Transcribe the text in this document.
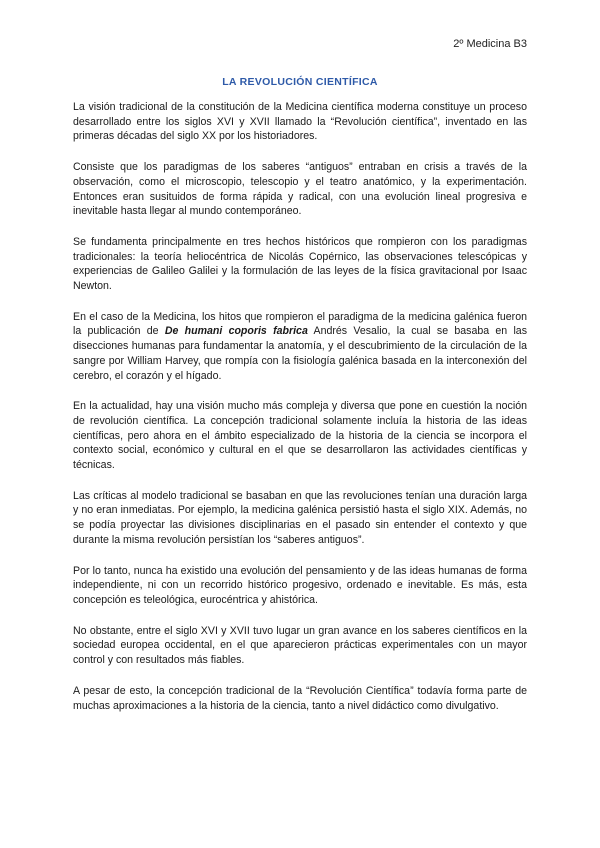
2º Medicina B3
LA REVOLUCIÓN CIENTÍFICA

La visión tradicional de la constitución de la Medicina científica moderna constituye un proceso desarrollado entre los siglos XVI y XVII llamado la “Revolución científica”, inventado en las primeras décadas del siglo XX por los historiadores.

Consiste que los paradigmas de los saberes “antiguos” entraban en crisis a través de la observación, como el microscopio, telescopio y el teatro anatómico, y la experimentación. Entonces eran susituidos de forma rápida y radical, con una evolución lineal progresiva e inevitable hasta llegar al mundo contemporáneo.

Se fundamenta principalmente en tres hechos históricos que rompieron con los paradigmas tradicionales: la teoría heliocéntrica de Nicolás Copérnico, las observaciones telescópicas y experiencias de Galileo Galilei y la formulación de las leyes de la física gravitacional por Isaac Newton.

En el caso de la Medicina, los hitos que rompieron el paradigma de la medicina galénica fueron la publicación de De humani coporis fabrica Andrés Vesalio, la cual se basaba en las disecciones humanas para fundamentar la anatomía, y el descubrimiento de la circulación de la sangre por William Harvey, que rompía con la fisiología galénica basada en la interconexión del cerebro, el corazón y el hígado.

En la actualidad, hay una visión mucho más compleja y diversa que pone en cuestión la noción de revolución científica. La concepción tradicional solamente incluía la historia de las ideas científicas, pero ahora en el ámbito especializado de la historia de la ciencia se incorpora el contexto social, económico y cultural en el que se desarrollaron las actividades científicas y técnicas.

Las críticas al modelo tradicional se basaban en que las revoluciones tenían una duración larga y no eran inmediatas. Por ejemplo, la medicina galénica persistió hasta el siglo XIX. Además, no se podía proyectar las divisiones disciplinarias en el pasado sin entender el contexto y que durante la misma revolución persistían los “saberes antiguos”.

Por lo tanto, nunca ha existido una evolución del pensamiento y de las ideas humanas de forma independiente, ni con un recorrido histórico progesivo, ordenado e inevitable. Es más, esta concepción es teleológica, eurocéntrica y ahistórica.

No obstante, entre el siglo XVI y XVII tuvo lugar un gran avance en los saberes científicos en la sociedad europea occidental, en el que aparecieron prácticas experimentales con un mayor control y con resultados más fiables.

A pesar de esto, la concepción tradicional de la “Revolución Científica” todavía forma parte de muchas aproximaciones a la historia de la ciencia, tanto a nivel didáctico como divulgativo.
